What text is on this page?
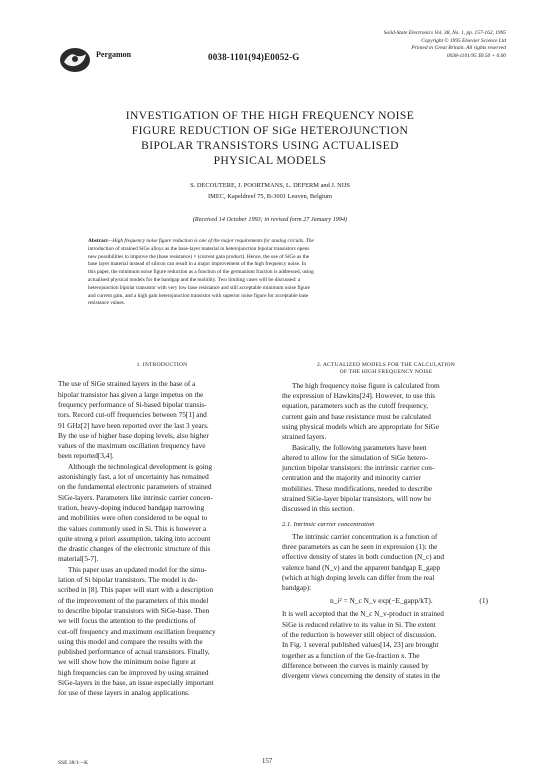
Pergamon	0038-1101(94)E0052-G
Solid-State Electronics Vol. 38, No. 1, pp. 157-162, 1995
Copyright © 1995 Elsevier Science Ltd
Printed in Great Britain. All rights reserved
0038-1101/95 $9.50 + 0.00
INVESTIGATION OF THE HIGH FREQUENCY NOISE
FIGURE REDUCTION OF SiGe HETEROJUNCTION
BIPOLAR TRANSISTORS USING ACTUALISED
PHYSICAL MODELS
S. DECOUTERE, J. POORTMANS, L. DEFERM and J. NIJS
IMEC, Kapeldreef 75, B-3001 Leuven, Belgium
(Received 14 October 1993; in revised form 27 January 1994)
Abstract—High frequency noise figure reduction is one of the major requirements for analog circuits. The
introduction of strained SiGe alloys as the base-layer material in heterojunction bipolar transistors opens
new possibilities to improve the (base resistance) × (current gain product). Hence, the use of SiGe as the
base layer material instead of silicon can result in a major improvement of the high frequency noise. In
this paper, the minimum noise figure reduction as a function of the germanium fraction is addressed, using
actualised physical models for the bandgap and the mobility. Two limiting cases will be discussed: a
heterojunction bipolar transistor with very low base resistance and still acceptable minimum noise figure
and current gain, and a high gain heterojunction transistor with superior noise figure for acceptable base
resistance values.
1. INTRODUCTION

The use of SiGe strained layers in the base of a
bipolar transistor has given a large impetus on the
frequency performance of Si-based bipolar transis-
tors. Record cut-off frequencies between 75[1] and
91 GHz[2] have been reported over the last 3 years.
By the use of higher base doping levels, also higher
values of the maximum oscillation frequency have
been reported[3,4].

Although the technological development is going
astonishingly fast, a lot of uncertainty has remained
on the fundamental electronic parameters of strained
SiGe-layers. Parameters like intrinsic carrier concen-
tration, heavy-doping induced bandgap narrowing
and mobilities were often considered to be equal to
the values commonly used in Si. This is however a
quite strong a priori assumption, taking into account
the drastic changes of the electronic structure of this
material[5-7].

This paper uses an updated model for the simu-
lation of Si bipolar transistors. The model is de-
scribed in [8]. This paper will start with a description
of the improvement of the parameters of this model
to describe bipolar transistors with SiGe-base. Then
we will focus the attention to the predictions of
cut-off frequency and maximum oscillation frequency
using this model and compare the results with the
published performance of actual transistors. Finally,
we will show how the minimum noise figure at
high frequencies can be improved by using strained
SiGe-layers in the base, an issue especially important
for use of these layers in analog applications.

2. ACTUALIZED MODELS FOR THE CALCULATION
OF THE HIGH FREQUENCY NOISE

The high frequency noise figure is calculated from
the expression of Hawkins[24]. However, to use this
equation, parameters such as the cutoff frequency,
current gain and base resistance must be calculated
using physical models which are appropriate for SiGe
strained layers.

Basically, the following parameters have been
altered to allow for the simulation of SiGe hetero-
junction bipolar transistors: the intrinsic carrier con-
centration and the majority and minority carrier
mobilities. These modifications, needed to describe
strained SiGe-layer bipolar transistors, will now be
discussed in this section.

2.1. Intrinsic carrier concentration

The intrinsic carrier concentration is a function of
three parameters as can be seen in expression (1): the
effective density of states in both conduction (N_c) and
valence band (N_v) and the apparent bandgap E_gapp
(which at high doping levels can differ from the real
bandgap):

n_i² = N_c N_v exp(−E_gapp/kT).	(1)

It is well accepted that the N_c N_v-product in strained
SiGe is reduced relative to its value in Si. The extent
of the reduction is however still object of discussion.
In Fig. 1 several published values[14, 23] are brought
together as a function of the Ge-fraction x. The
difference between the curves is mainly caused by
divergent views concerning the density of states in the

SSE 38/1—K	157
